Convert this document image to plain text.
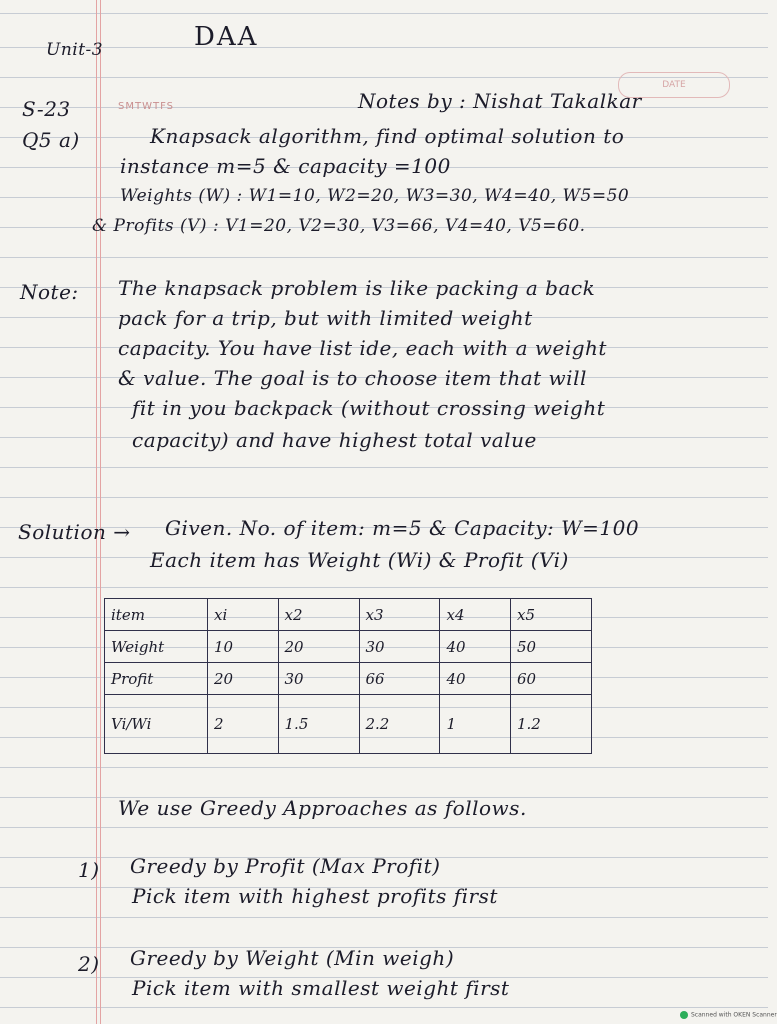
Unit-3	DAA
S-23	SMTWTFS
DATE
Notes by : Nishat Takalkar
Q5 a)	Knapsack algorithm, find optimal solution to
instance m=5 & capacity =100
Weights (W) : W1=10, W2=20, W3=30, W4=40, W5=50
& Profits (V) : V1=20, V2=30, V3=66, V4=40, V5=60.
Note: The knapsack problem is like packing a back
pack for a trip, but with limited weight
capacity. You have list ide, each with a weight
& value. The goal is to choose item that will
fit in you backpack (without crossing weight
capacity) and have highest total value
Solution → Given. No. of item: m=5 & Capacity: W=100
Each item has Weight (Wi) & Profit (Vi)
item	xi	x2	x3	x4	x5
Weight	10	20	30	40	50
Profit	20	30	66	40	60
Vi/Wi	2	1.5	2.2	1	1.2
We use Greedy Approaches as follows.
1) Greedy by Profit (Max Profit)
Pick item with highest profits first
2) Greedy by Weight (Min weigh)
Pick item with smallest weight first
Scanned with OKEN Scanner
